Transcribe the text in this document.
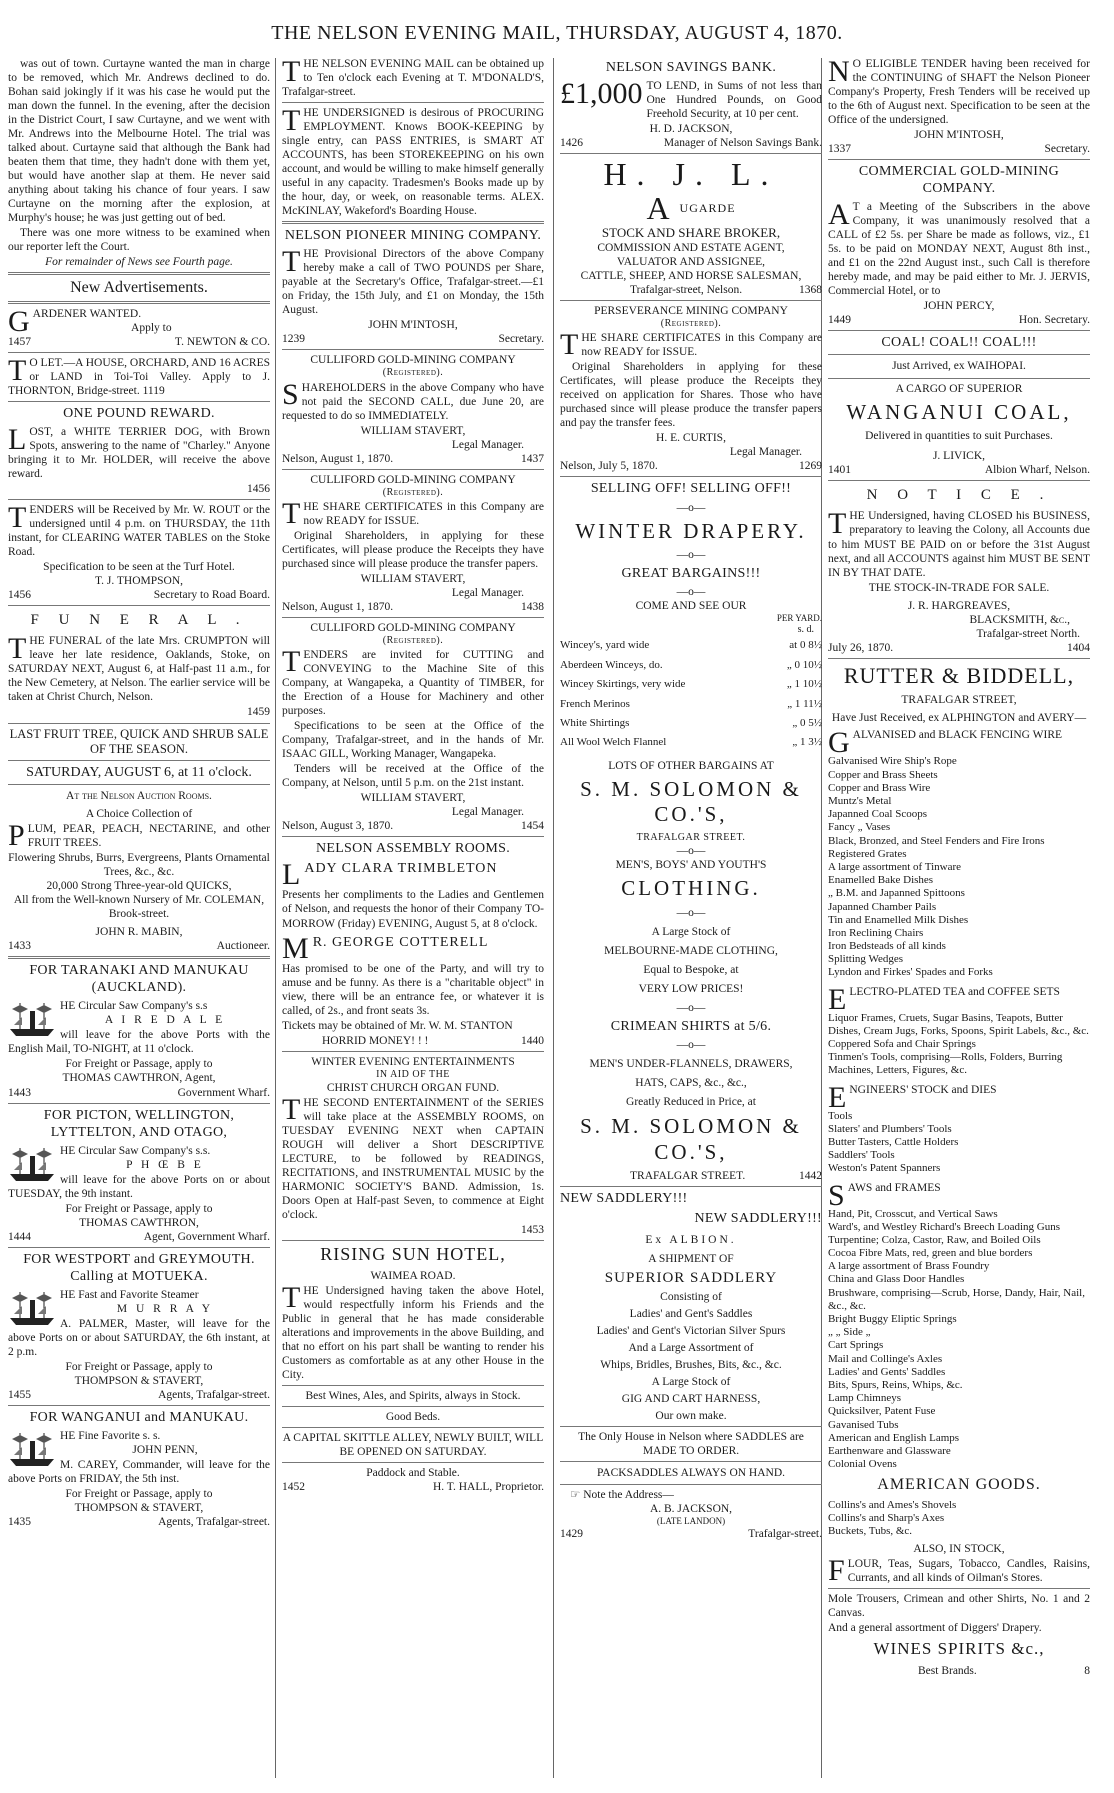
THE NELSON EVENING MAIL, THURSDAY, AUGUST 4, 1870.

was out of town. Curtayne wanted the man in charge to be removed, which Mr. Andrews declined to do. Bohan said jokingly if it was his case he would put the man down the funnel. In the evening, after the decision in the District Court, I saw Curtayne, and we went with Mr. Andrews into the Melbourne Hotel. The trial was talked about. Curtayne said that although the Bank had beaten them that time, they hadn't done with them yet, but would have another slap at them. He never said anything about taking his chance of four years. I saw Curtayne on the morning after the explosion, at Murphy's house; he was just getting out of bed.

There was one more witness to be examined when our reporter left the Court.

For remainder of News see Fourth page.

New Advertisements.
GARDENER WANTED.
Apply to
1457	T. NEWTON & CO.
T O LET.—A HOUSE, ORCHARD, AND 16 ACRES or LAND in Toi-Toi Valley. Apply to J. THORNTON, Bridge-street. 1119

ONE POUND REWARD.
L OST, a WHITE TERRIER DOG, with Brown Spots, answering to the name of "Charley." Anyone bringing it to Mr. HOLDER, will receive the above reward.

1456
T ENDERS will be Received by Mr. W. ROUT or the undersigned until 4 p.m. on THURSDAY, the 11th instant, for CLEARING WATER TABLES on the Stoke Road.

Specification to be seen at the Turf Hotel.

T. J. THOMPSON,

1456	Secretary to Road Board.
F U N E R A L .
T HE FUNERAL of the late Mrs. CRUMPTON will leave her late residence, Oaklands, Stoke, on SATURDAY NEXT, August 6, at Half-past 11 a.m., for the New Cemetery, at Nelson. The earlier service will be taken at Christ Church, Nelson.

1459
LAST FRUIT TREE, QUICK AND SHRUB SALE OF THE SEASON.
SATURDAY, AUGUST 6, at 11 o'clock.
At the Nelson Auction Rooms.
A Choice Collection of
P LUM, PEAR, PEACH, NECTARINE, and other FRUIT TREES.

Flowering Shrubs, Burrs, Evergreens, Plants Ornamental Trees, &c., &c.

20,000 Strong Three-year-old QUICKS,

All from the Well-known Nursery of Mr. COLEMAN, Brook-street.

JOHN R. MABIN,

1433	Auctioneer.
FOR TARANAKI AND MANUKAU (AUCKLAND).
HE Circular Saw Company's s.s
A I R E D A L E

will leave for the above Ports with the English Mail, TO-NIGHT, at 11 o'clock.

For Freight or Passage, apply to

THOMAS CAWTHRON, Agent,

1443	Government Wharf.
FOR PICTON, WELLINGTON, LYTTELTON, AND OTAGO,
HE Circular Saw Company's s.s.
P H Œ B E

will leave for the above Ports on or about TUESDAY, the 9th instant.

For Freight or Passage, apply to

THOMAS CAWTHRON,

1444	Agent, Government Wharf.
FOR WESTPORT and GREYMOUTH. Calling at MOTUEKA.
HE Fast and Favorite Steamer
M U R R A Y

A. PALMER, Master, will leave for the above Ports on or about SATURDAY, the 6th instant, at 2 p.m.

For Freight or Passage, apply to

THOMPSON & STAVERT,

1455	Agents, Trafalgar-street.
FOR WANGANUI and MANUKAU.
HE Fine Favorite s. s.
JOHN PENN,

M. CAREY, Commander, will leave for the above Ports on FRIDAY, the 5th inst.

For Freight or Passage, apply to

THOMPSON & STAVERT,

1435	Agents, Trafalgar-street.
T HE NELSON EVENING MAIL can be obtained up to Ten o'clock each Evening at T. M'DONALD'S, Trafalgar-street.

T HE UNDERSIGNED is desirous of PROCURING EMPLOYMENT. Knows BOOK-KEEPING by single entry, can PASS ENTRIES, is SMART AT ACCOUNTS, has been STOREKEEPING on his own account, and would be willing to make himself generally useful in any capacity. Tradesmen's Books made up by the hour, day, or week, on reasonable terms. ALEX. McKINLAY, Wakeford's Boarding House.

NELSON PIONEER MINING COMPANY.
T HE Provisional Directors of the above Company hereby make a call of TWO POUNDS per Share, payable at the Secretary's Office, Trafalgar-street.—£1 on Friday, the 15th July, and £1 on Monday, the 15th August.

JOHN M'INTOSH,

1239	Secretary.
CULLIFORD GOLD-MINING COMPANY
(Registered).
S HAREHOLDERS in the above Company who have not paid the SECOND CALL, due June 20, are requested to do so IMMEDIATELY.

WILLIAM STAVERT,

Legal Manager.

Nelson, August 1, 1870.	1437
CULLIFORD GOLD-MINING COMPANY
(Registered).
T HE SHARE CERTIFICATES in this Company are now READY for ISSUE.

Original Shareholders, in applying for these Certificates, will please produce the Receipts they have purchased since will please produce the transfer papers.

WILLIAM STAVERT,

Legal Manager.

Nelson, August 1, 1870.	1438
CULLIFORD GOLD-MINING COMPANY
(Registered).
T ENDERS are invited for CUTTING and CONVEYING to the Machine Site of this Company, at Wangapeka, a Quantity of TIMBER, for the Erection of a House for Machinery and other purposes.

Specifications to be seen at the Office of the Company, Trafalgar-street, and in the hands of Mr. ISAAC GILL, Working Manager, Wangapeka.

Tenders will be received at the Office of the Company, at Nelson, until 5 p.m. on the 21st instant.

WILLIAM STAVERT,

Legal Manager.

Nelson, August 3, 1870.	1454
NELSON ASSEMBLY ROOMS.
LADY CLARA TRIMBLETON

Presents her compliments to the Ladies and Gentlemen of Nelson, and requests the honor of their Company TO-MORROW (Friday) EVENING, August 5, at 8 o'clock.

M R. GEORGE COTTERELL

Has promised to be one of the Party, and will try to amuse and be funny. As there is a "charitable object" in view, there will be an entrance fee, or whatever it is called, of 2s., and front seats 3s.

Tickets may be obtained of Mr. W. M. STANTON

HORRID MONEY! ! !	1440
WINTER EVENING ENTERTAINMENTS
IN AID OF THE
CHRIST CHURCH ORGAN FUND.
T HE SECOND ENTERTAINMENT of the SERIES will take place at the ASSEMBLY ROOMS, on TUESDAY EVENING NEXT when CAPTAIN ROUGH will deliver a Short DESCRIPTIVE LECTURE, to be followed by READINGS, RECITATIONS, and INSTRUMENTAL MUSIC by the HARMONIC SOCIETY'S BAND. Admission, 1s. Doors Open at Half-past Seven, to commence at Eight o'clock.

1453
RISING SUN HOTEL,
WAIMEA ROAD.
T HE Undersigned having taken the above Hotel, would respectfully inform his Friends and the Public in general that he has made considerable alterations and improvements in the above Building, and that no effort on his part shall be wanting to render his Customers as comfortable as at any other House in the City.

Best Wines, Ales, and Spirits, always in Stock.

Good Beds.

A CAPITAL SKITTLE ALLEY, NEWLY BUILT, WILL BE OPENED ON SATURDAY.

Paddock and Stable.

1452	H. T. HALL, Proprietor.
NELSON SAVINGS BANK.
£1,000 TO LEND, in Sums of not less than One Hundred Pounds, on Good Freehold Security, at 10 per cent.

H. D. JACKSON,

1426	Manager of Nelson Savings Bank.
H. J. L. $A^{UGARDE}$
STOCK AND SHARE BROKER,
COMMISSION AND ESTATE AGENT,
VALUATOR AND ASSIGNEE,
CATTLE, SHEEP, AND HORSE SALESMAN,
Trafalgar-street, Nelson.	1368
PERSEVERANCE MINING COMPANY
(Registered).
T HE SHARE CERTIFICATES in this Company are now READY for ISSUE.

Original Shareholders in applying for these Certificates, will please produce the Receipts they received on application for Shares. Those who have purchased since will please produce the transfer papers and pay the transfer fees.

H. E. CURTIS,

Legal Manager.

Nelson, July 5, 1870.	1269
SELLING OFF! SELLING OFF!!
—o—
WINTER DRAPERY.
—o—
GREAT BARGAINS!!!
—o—
COME AND SEE OUR
PER YARD.
s. d.
Wincey's, yard wide	at 0 8½
Aberdeen Winceys, do.	„ 0 10½
Wincey Skirtings, very wide	„ 1 10½
French Merinos	„ 1 11½
White Shirtings	„ 0 5½
All Wool Welch Flannel	„ 1 3½
LOTS OF OTHER BARGAINS AT
S. M. SOLOMON & CO.'S,
TRAFALGAR STREET.
—o—
MEN'S, BOYS' AND YOUTH'S
CLOTHING.
—o—
A Large Stock of
MELBOURNE-MADE CLOTHING,
Equal to Bespoke, at
VERY LOW PRICES!
—o—
CRIMEAN SHIRTS at 5/6.
—o—
MEN'S UNDER-FLANNELS, DRAWERS,
HATS, CAPS, &c., &c.,
Greatly Reduced in Price, at
S. M. SOLOMON & CO.'S,
TRAFALGAR STREET.	1442
NEW SADDLERY!!!
NEW SADDLERY!!!
Ex ALBION.
A SHIPMENT OF
SUPERIOR SADDLERY
Consisting of
Ladies' and Gent's Saddles
Ladies' and Gent's Victorian Silver Spurs
And a Large Assortment of
Whips, Bridles, Brushes, Bits, &c., &c.
A Large Stock of
GIG AND CART HARNESS,
Our own make.
The Only House in Nelson where SADDLES are MADE TO ORDER.
PACKSADDLES ALWAYS ON HAND.
☞ Note the Address—
A. B. JACKSON,
(LATE LANDON)
1429	Trafalgar-street.
N O ELIGIBLE TENDER having been received for the CONTINUING of SHAFT the Nelson Pioneer Company's Property, Fresh Tenders will be received up to the 6th of August next. Specification to be seen at the Office of the undersigned.

JOHN M'INTOSH,

1337	Secretary.
COMMERCIAL GOLD-MINING COMPANY.
A T a Meeting of the Subscribers in the above Company, it was unanimously resolved that a CALL of £2 5s. per Share be made as follows, viz., £1 5s. to be paid on MONDAY NEXT, August 8th inst., and £1 on the 22nd August inst., such Call is therefore hereby made, and may be paid either to Mr. J. JERVIS, Commercial Hotel, or to

JOHN PERCY,

1449	Hon. Secretary.
COAL! COAL!! COAL!!!
Just Arrived, ex WAIHOPAI.
A CARGO OF SUPERIOR
WANGANUI COAL,
Delivered in quantities to suit Purchases.

J. LIVICK,

1401	Albion Wharf, Nelson.
N O T I C E .
T HE Undersigned, having CLOSED his BUSINESS, preparatory to leaving the Colony, all Accounts due to him MUST BE PAID on or before the 31st August next, and all ACCOUNTS against him MUST BE SENT IN BY THAT DATE.

THE STOCK-IN-TRADE FOR SALE.

J. R. HARGREAVES,

BLACKSMITH, &c.,

Trafalgar-street North.

July 26, 1870.	1404
RUTTER & BIDDELL,
TRAFALGAR STREET,
Have Just Received, ex ALPHINGTON and AVERY—
GALVANISED and BLACK FENCING WIRE
Galvanised Wire Ship's Rope
Copper and Brass Sheets
Copper and Brass Wire
Muntz's Metal
Japanned Coal Scoops
Fancy „ Vases
Black, Bronzed, and Steel Fenders and Fire Irons
Registered Grates
A large assortment of Tinware
Enamelled Bake Dishes
„ B.M. and Japanned Spittoons
Japanned Chamber Pails
Tin and Enamelled Milk Dishes
Iron Reclining Chairs
Iron Bedsteads of all kinds
Splitting Wedges
Lyndon and Firkes' Spades and Forks
ELECTRO-PLATED TEA and COFFEE SETS
Liquor Frames, Cruets, Sugar Basins, Teapots, Butter Dishes, Cream Jugs, Forks, Spoons, Spirit Labels, &c., &c.
Coppered Sofa and Chair Springs
Tinmen's Tools, comprising—Rolls, Folders, Burring Machines, Letters, Figures, &c.
ENGINEERS' STOCK and DIES
Tools
Slaters' and Plumbers' Tools
Butter Tasters, Cattle Holders
Saddlers' Tools
Weston's Patent Spanners
SAWS and FRAMES
Hand, Pit, Crosscut, and Vertical Saws
Ward's, and Westley Richard's Breech Loading Guns
Turpentine; Colza, Castor, Raw, and Boiled Oils
Cocoa Fibre Mats, red, green and blue borders
A large assortment of Brass Foundry
China and Glass Door Handles
Brushware, comprising—Scrub, Horse, Dandy, Hair, Nail, &c., &c.
Bright Buggy Eliptic Springs
„ „ Side „
Cart Springs
Mail and Collinge's Axles
Ladies' and Gents' Saddles
Bits, Spurs, Reins, Whips, &c.
Lamp Chimneys
Quicksilver, Patent Fuse
Gavanised Tubs
American and English Lamps
Earthenware and Glassware
Colonial Ovens
AMERICAN GOODS.
Collins's and Ames's Shovels
Collins's and Sharp's Axes
Buckets, Tubs, &c.
ALSO, IN STOCK,
F LOUR, Teas, Sugars, Tobacco, Candles, Raisins, Currants, and all kinds of Oilman's Stores.

Mole Trousers, Crimean and other Shirts, No. 1 and 2 Canvas.

And a general assortment of Diggers' Drapery.

WINES SPIRITS &c.,
Best Brands.	8
